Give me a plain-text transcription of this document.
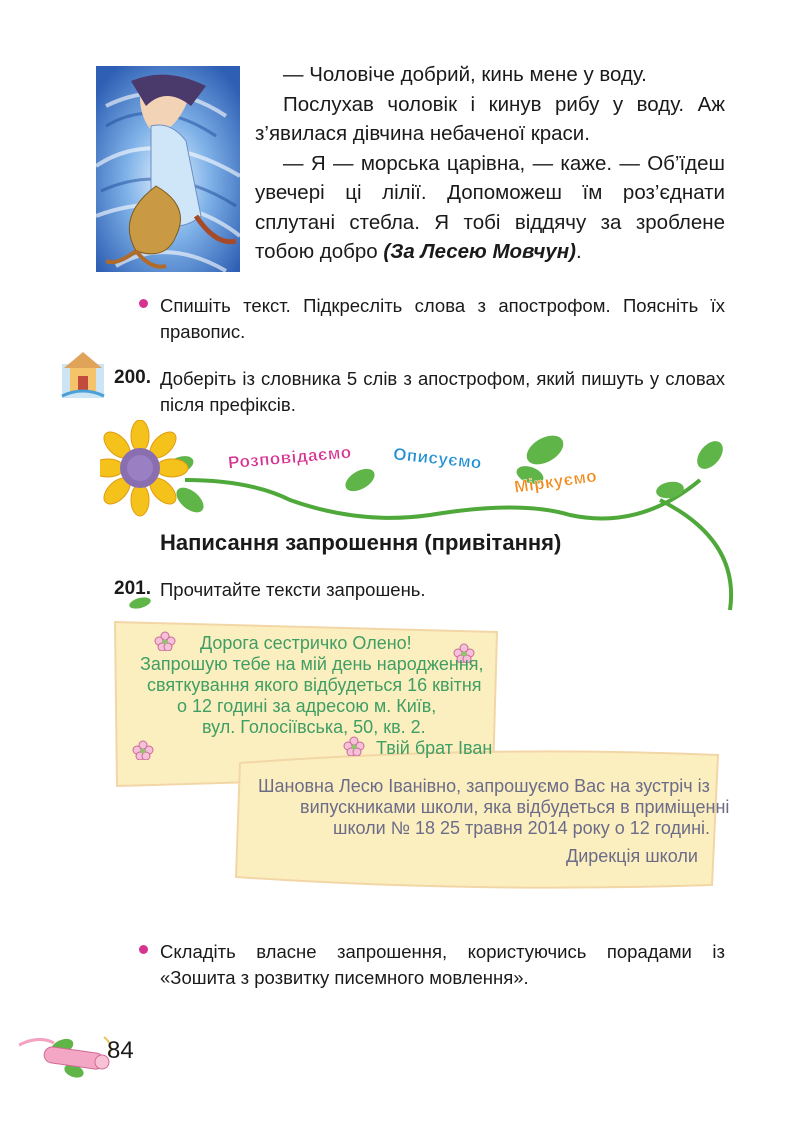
— Чоловіче добрий, кинь мене у воду.

Послухав чоловік і кинув рибу у воду. Аж з’явилася дівчина небаченої краси.

— Я — морська царівна, — каже. — Об’їдеш увечері ці лілії. Допоможеш їм роз’єднати сплутані стебла. Я тобі віддячу за зроблене тобою добро (За Лесею Мовчун).

Спишіть текст. Підкресліть слова з апострофом. Поясніть їх правопис.
200. Доберіть із словника 5 слів з апострофом, який пишуть у словах після префіксів.
Розповідаємо Описуємо
Міркуємо
Написання запрошення (привітання)
201. Прочитайте тексти запрошень.
Дорога сестричко Олено!
Запрошую тебе на мій день народження,
святкування якого відбудеться 16 квітня
о 12 годині за адресою м. Київ,
вул. Голосіївська, 50, кв. 2.
Твій брат Іван
Шановна Лесю Іванівно, запрошуємо Вас на зустріч із
випускниками школи, яка відбудеться в приміщенні
школи № 18 25 травня 2014 року о 12 годині.
Дирекція школи
Складіть власне запрошення, користуючись порадами із «Зошита з розвитку писемного мовлення».
84
